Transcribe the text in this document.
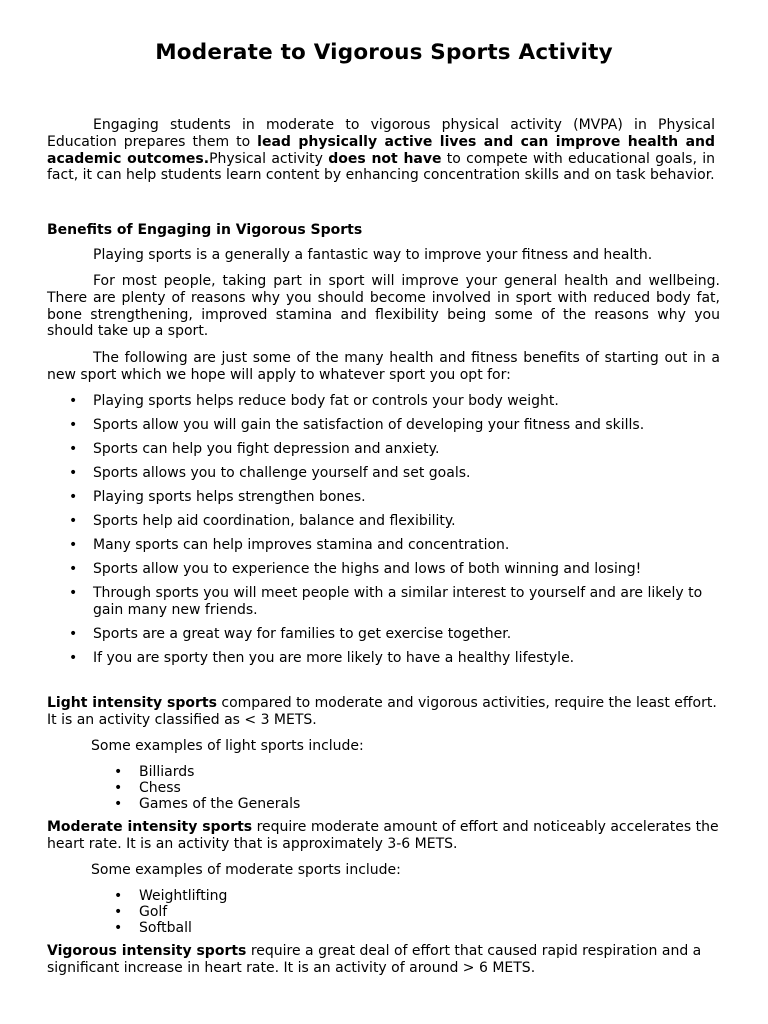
Moderate to Vigorous Sports Activity

Engaging students in moderate to vigorous physical activity (MVPA) in Physical Education prepares them to lead physically active lives and can improve health and academic outcomes.Physical activity does not have to compete with educational goals, in fact, it can help students learn content by enhancing concentration skills and on task behavior.

Benefits of Engaging in Vigorous Sports

Playing sports is a generally a fantastic way to improve your fitness and health.

For most people, taking part in sport will improve your general health and wellbeing. There are plenty of reasons why you should become involved in sport with reduced body fat, bone strengthening, improved stamina and flexibility being some of the reasons why you should take up a sport.

The following are just some of the many health and fitness benefits of starting out in a new sport which we hope will apply to whatever sport you opt for:

• Playing sports helps reduce body fat or controls your body weight.
• Sports allow you will gain the satisfaction of developing your fitness and skills.
• Sports can help you fight depression and anxiety.
• Sports allows you to challenge yourself and set goals.
• Playing sports helps strengthen bones.
• Sports help aid coordination, balance and flexibility.
• Many sports can help improves stamina and concentration.
• Sports allow you to experience the highs and lows of both winning and losing!
• Through sports you will meet people with a similar interest to yourself and are likely to gain many new friends.
• Sports are a great way for families to get exercise together.
• If you are sporty then you are more likely to have a healthy lifestyle.

Light intensity sports compared to moderate and vigorous activities, require the least effort. It is an activity classified as < 3 METS.

Some examples of light sports include:

• Billiards
• Chess
• Games of the Generals

Moderate intensity sports require moderate amount of effort and noticeably accelerates the heart rate. It is an activity that is approximately 3-6 METS.

Some examples of moderate sports include:

• Weightlifting
• Golf
• Softball

Vigorous intensity sports require a great deal of effort that caused rapid respiration and a significant increase in heart rate. It is an activity of around > 6 METS.
